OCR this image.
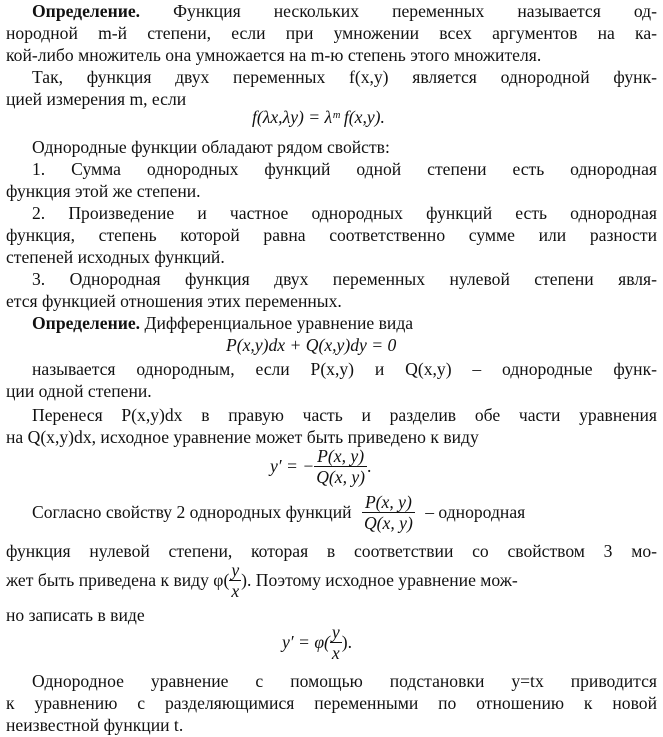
Определение. Функция нескольких переменных называется од-
нородной m-й степени, если при умножении всех аргументов на ка-
кой-либо множитель она умножается на m-ю степень этого множителя.
Так, функция двух переменных f(x,y) является однородной функ-
цией измерения m, если
f(λx,λy) = λᵐ f(x,y).
Однородные функции обладают рядом свойств:
1. Сумма однородных функций одной степени есть однородная
функция этой же степени.
2. Произведение и частное однородных функций есть однородная
функция, степень которой равна соответственно сумме или разности
степеней исходных функций.
3. Однородная функция двух переменных нулевой степени явля-
ется функцией отношения этих переменных.
Определение. Дифференциальное уравнение вида
P(x,y)dx + Q(x,y)dy = 0
называется однородным, если P(x,y) и Q(x,y) – однородные функ-
ции одной степени.
Перенеся P(x,y)dx в правую часть и разделив обе части уравнения
на Q(x,y)dx, исходное уравнение может быть приведено к виду
y′ = − $\frac{P(x, y)}{Q(x, y)}$ .
Согласно свойству 2 однородных функций $\frac{P(x, y)}{Q(x, y)}$ – однородная
функция нулевой степени, которая в соответствии со свойством 3 мо-
жет быть приведена к виду $\varphi( \frac{y}{x}$ ). Поэтому исходное уравнение мож-
но записать в виде
$y' = \varphi( \frac{y}{x}$ ).
Однородное уравнение с помощью подстановки y=tx приводится
к уравнению с разделяющимися переменными по отношению к новой
неизвестной функции t.
